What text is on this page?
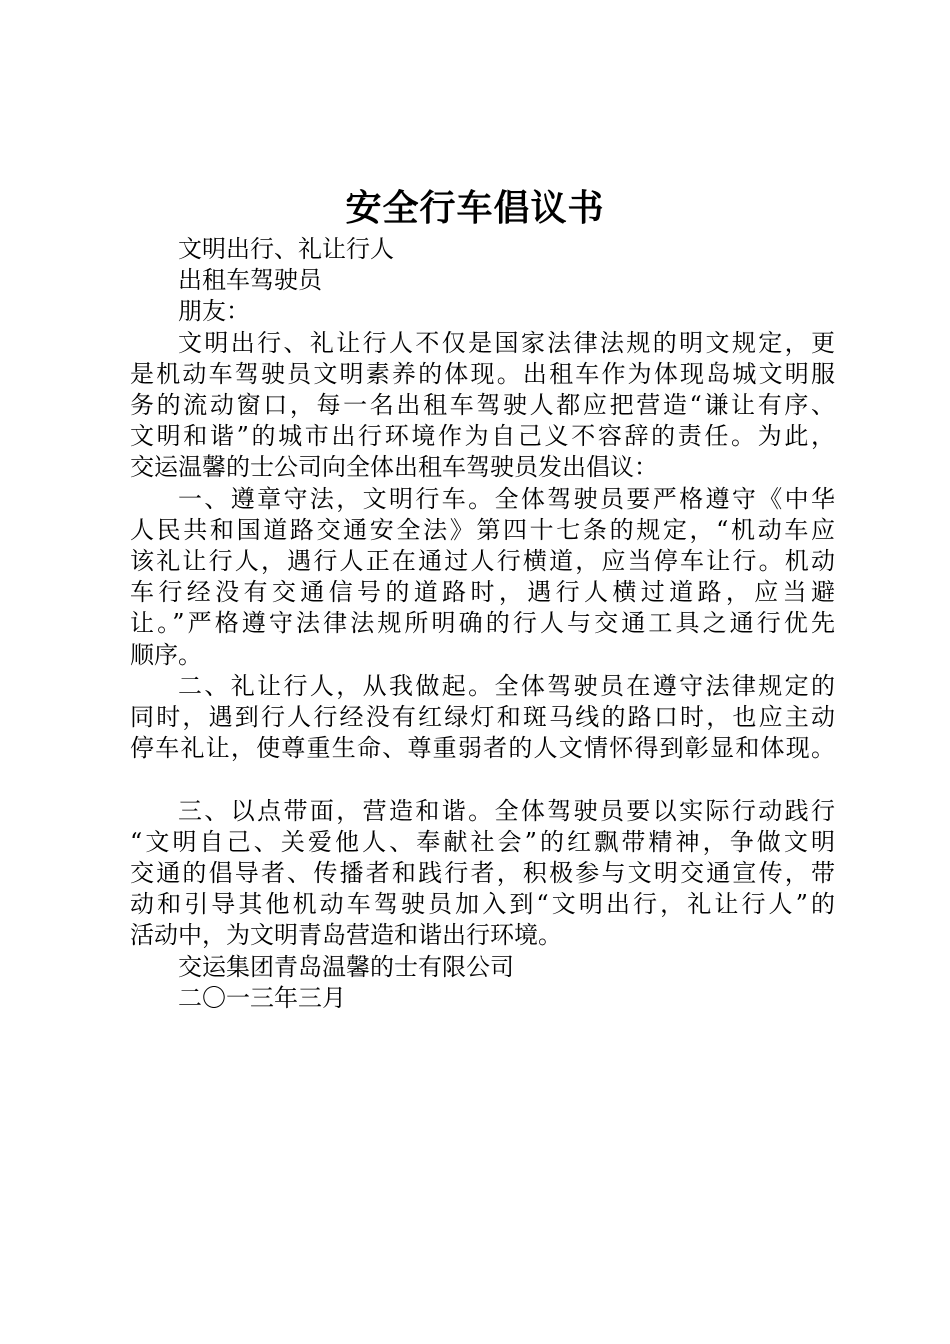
安全行车倡议书

文明出行、礼让行人

出租车驾驶员

朋友：

文明出行、礼让行人不仅是国家法律法规的明文规定，更

是机动车驾驶员文明素养的体现。出租车作为体现岛城文明服

务的流动窗口，每一名出租车驾驶人都应把营造“谦让有序、

文明和谐”的城市出行环境作为自己义不容辞的责任。为此，

交运温馨的士公司向全体出租车驾驶员发出倡议：

一、遵章守法，文明行车。全体驾驶员要严格遵守《中华

人民共和国道路交通安全法》第四十七条的规定，“机动车应

该礼让行人，遇行人正在通过人行横道，应当停车让行。机动

车行经没有交通信号的道路时，遇行人横过道路，应当避

让。”严格遵守法律法规所明确的行人与交通工具之通行优先

顺序。

二、礼让行人，从我做起。全体驾驶员在遵守法律规定的

同时，遇到行人行经没有红绿灯和斑马线的路口时，也应主动

停车礼让，使尊重生命、尊重弱者的人文情怀得到彰显和体现。

三、以点带面，营造和谐。全体驾驶员要以实际行动践行

“文明自己、关爱他人、奉献社会”的红飘带精神，争做文明

交通的倡导者、传播者和践行者，积极参与文明交通宣传，带

动和引导其他机动车驾驶员加入到“文明出行，礼让行人”的

活动中，为文明青岛营造和谐出行环境。

交运集团青岛温馨的士有限公司

二〇一三年三月
